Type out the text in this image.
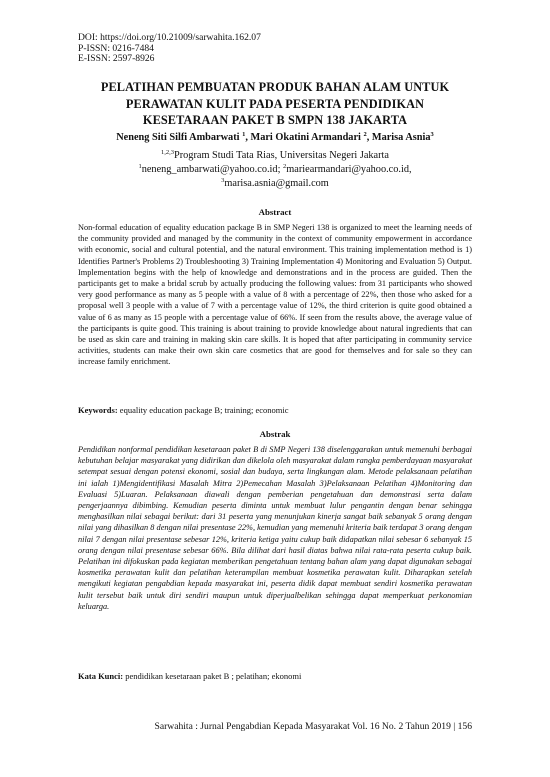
DOI: https://doi.org/10.21009/sarwahita.162.07
P-ISSN: 0216-7484
E-ISSN: 2597-8926
PELATIHAN PEMBUATAN PRODUK BAHAN ALAM UNTUK
PERAWATAN KULIT PADA PESERTA PENDIDIKAN
KESETARAAN PAKET B SMPN 138 JAKARTA
Neneng Siti Silfi Ambarwati $^1$, Mari Okatini Armandari $^2$, Marisa Asnia$^3$
$^{1,2,3}$Program Studi Tata Rias, Universitas Negeri Jakarta
$^1$neneng_ambarwati@yahoo.co.id; $^2$mariearmandari@yahoo.co.id,
$^3$marisa.asnia@gmail.com
Abstract
Non-formal education of equality education package B in SMP Negeri 138 is organized to meet the learning needs of the community provided and managed by the community in the context of community empowerment in accordance with economic, social and cultural potential, and the natural environment. This training implementation method is 1) Identifies Partner's Problems 2) Troubleshooting 3) Training Implementation 4) Monitoring and Evaluation 5) Output. Implementation begins with the help of knowledge and demonstrations and in the process are guided. Then the participants get to make a bridal scrub by actually producing the following values: from 31 participants who showed very good performance as many as 5 people with a value of 8 with a percentage of 22%, then those who asked for a proposal well 3 people with a value of 7 with a percentage value of 12%, the third criterion is quite good obtained a value of 6 as many as 15 people with a percentage value of 66%. If seen from the results above, the average value of the participants is quite good. This training is about training to provide knowledge about natural ingredients that can be used as skin care and training in making skin care skills. It is hoped that after participating in community service activities, students can make their own skin care cosmetics that are good for themselves and for sale so they can increase family enrichment.
Keywords: equality education package B; training; economic
Abstrak
Pendidikan nonformal pendidikan kesetaraan paket B di SMP Negeri 138 diselenggarakan untuk memenuhi berbagai kebutuhan belajar masyarakat yang didirikan dan dikelola oleh masyarakat dalam rangka pemberdayaan masyarakat setempat sesuai dengan potensi ekonomi, sosial dan budaya, serta lingkungan alam. Metode pelaksanaan pelatihan ini ialah 1)Mengidentifikasi Masalah Mitra 2)Pemecahan Masalah 3)Pelaksanaan Pelatihan 4)Monitoring dan Evaluasi 5)Luaran. Pelaksanaan diawali dengan pemberian pengetahuan dan demonstrasi serta dalam pengerjaannya dibimbing. Kemudian peserta diminta untuk membuat lulur pengantin dengan benar sehingga menghasilkan nilai sebagai berikut: dari 31 peserta yang menunjukan kinerja sangat baik sebanyak 5 orang dengan nilai yang dihasilkan 8 dengan nilai presentase 22%, kemudian yang memenuhi kriteria baik terdapat 3 orang dengan nilai 7 dengan nilai presentase sebesar 12%, kriteria ketiga yaitu cukup baik didapatkan nilai sebesar 6 sebanyak 15 orang dengan nilai presentase sebesar 66%. Bila dilihat dari hasil diatas bahwa nilai rata-rata peserta cukup baik. Pelatihan ini difokuskan pada kegiatan memberikan pengetahuan tentang bahan alam yang dapat digunakan sebagai kosmetika perawatan kulit dan pelatihan keterampilan membuat kosmetika perawatan kulit. Diharapkan setelah mengikuti kegiatan pengabdian kepada masyarakat ini, peserta didik dapat membuat sendiri kosmetika perawatan kulit tersebut baik untuk diri sendiri maupun untuk diperjualbelikan sehingga dapat memperkuat perkonomian keluarga.
Kata Kunci: pendidikan kesetaraan paket B ; pelatihan; ekonomi
Sarwahita : Jurnal Pengabdian Kepada Masyarakat Vol. 16 No. 2 Tahun 2019 | 156
